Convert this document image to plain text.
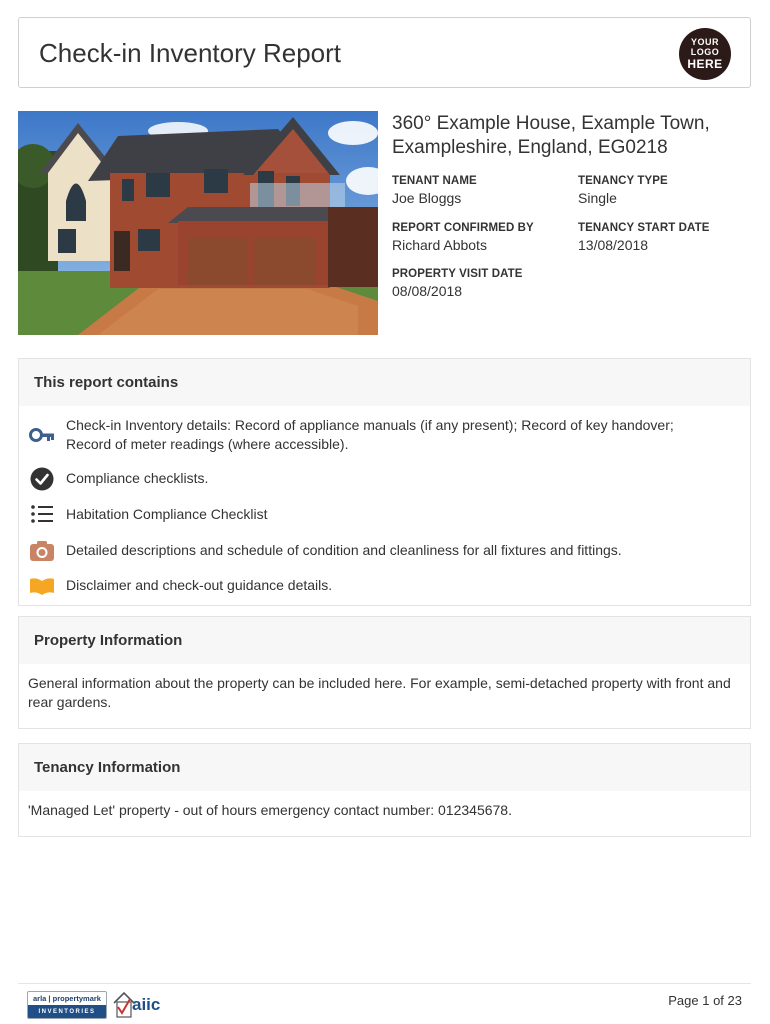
Check-in Inventory Report	YOUR
LOGO
HERE
360° Example House, Example Town, Exampleshire, England, EG0218
TENANT NAME
Joe Bloggs
TENANCY TYPE
Single
REPORT CONFIRMED BY
Richard Abbots
TENANCY START DATE
13/08/2018
PROPERTY VISIT DATE
08/08/2018
This report contains
Check-in Inventory details: Record of appliance manuals (if any present); Record of key handover; Record of meter readings (where accessible).
Compliance checklists.
Habitation Compliance Checklist
Detailed descriptions and schedule of condition and cleanliness for all fixtures and fittings.
Disclaimer and check-out guidance details.
Property Information
General information about the property can be included here. For example, semi-detached property with front and rear gardens.
Tenancy Information
'Managed Let' property - out of hours emergency contact number: 012345678.
arla | propertymark
INVENTORIES	aiic	Page 1 of 23
